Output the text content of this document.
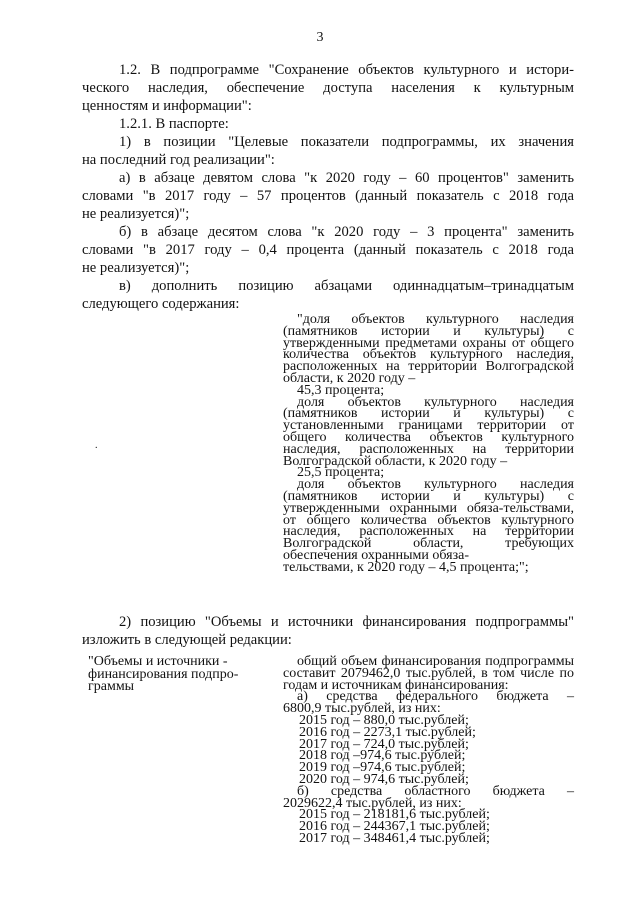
3

1.2. В подпрограмме "Сохранение объектов культурного и истори-

ческого наследия, обеспечение доступа населения к культурным

ценностям и информации":

1.2.1. В паспорте:

1) в позиции "Целевые показатели подпрограммы, их значения

на последний год реализации":

а) в абзаце девятом слова "к 2020 году – 60 процентов" заменить

словами "в 2017 году – 57 процентов (данный показатель с 2018 года

не реализуется)";

б) в абзаце десятом слова "к 2020 году – 3 процента" заменить

словами "в 2017 году – 0,4 процента (данный показатель с 2018 года

не реализуется)";

в) дополнить позицию абзацами одиннадцатым–тринадцатым

следующего содержания:

"доля объектов культурного наследия (памятников истории и культуры) с утвержденными предметами охраны от общего количества объектов культурного наследия, расположенных на территории Волгоградской области, к 2020 году –

45,3 процента;

доля объектов культурного наследия (памятников истории и культуры) с установленными границами территории от общего количества объектов культурного наследия, расположенных на территории Волгоградской области, к 2020 году –

25,5 процента;

доля объектов культурного наследия (памятников истории и культуры) с утвержденными охранными обяза-тельствами, от общего количества объектов культурного наследия, расположенных на территории Волгоградской области, требующих обеспечения охранными обяза-

тельствами, к 2020 году – 4,5 процента;";

.

2) позицию "Объемы и источники финансирования подпрограммы"

изложить в следующей редакции:

"Объемы и источники - финансирования подпро-граммы

общий объем финансирования подпрограммы составит 2079462,0 тыс.рублей, в том числе по годам и источникам финансирования:

а) средства федерального бюджета –

6800,9 тыс.рублей, из них:

2015 год – 880,0 тыс.рублей;

2016 год – 2273,1 тыс.рублей;

2017 год – 724,0 тыс.рублей;

2018 год –974,6 тыс.рублей;

2019 год –974,6 тыс.рублей;

2020 год – 974,6 тыс.рублей;

б) средства областного бюджета –

2029622,4 тыс.рублей, из них:

2015 год – 218181,6 тыс.рублей;

2016 год – 244367,1 тыс.рублей;

2017 год – 348461,4 тыс.рублей;
